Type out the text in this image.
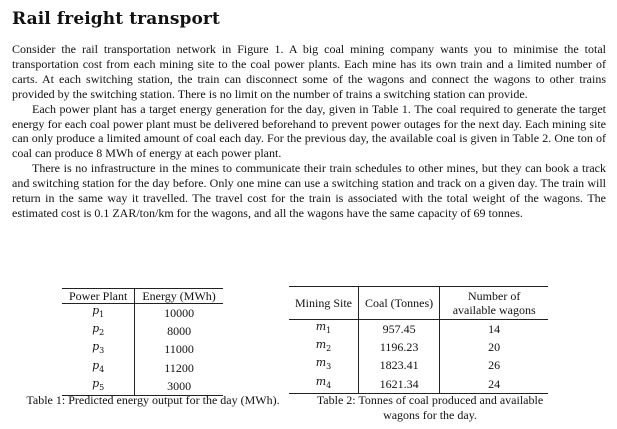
Rail freight transport

Consider the rail transportation network in Figure 1. A big coal mining company wants you to minimise the total transportation cost from each mining site to the coal power plants. Each mine has its own train and a limited number of carts. At each switching station, the train can disconnect some of the wagons and connect the wagons to other trains provided by the switching station. There is no limit on the number of trains a switching station can provide.

Each power plant has a target energy generation for the day, given in Table 1. The coal required to generate the target energy for each coal power plant must be delivered beforehand to prevent power outages for the next day. Each mining site can only produce a limited amount of coal each day. For the previous day, the available coal is given in Table 2. One ton of coal can produce 8 MWh of energy at each power plant.

There is no infrastructure in the mines to communicate their train schedules to other mines, but they can book a track and switching station for the day before. Only one mine can use a switching station and track on a given day. The train will return in the same way it travelled. The travel cost for the train is associated with the total weight of the wagons. The estimated cost is 0.1 ZAR/ton/km for the wagons, and all the wagons have the same capacity of 69 tonnes.

Power Plant	Energy (MWh)
$p_1$	10000
$p_2$	8000
$p_3$	11000
$p_4$	11200
$p_5$	3000
Mining Site	Coal (Tonnes)	Number of available wagons
$m_1$	957.45	14
$m_2$	1196.23	20
$m_3$	1823.41	26
$m_4$	1621.34	24
Table 1: Predicted energy output for the day (MWh).	Table 2: Tonnes of coal produced and available wagons for the day.
